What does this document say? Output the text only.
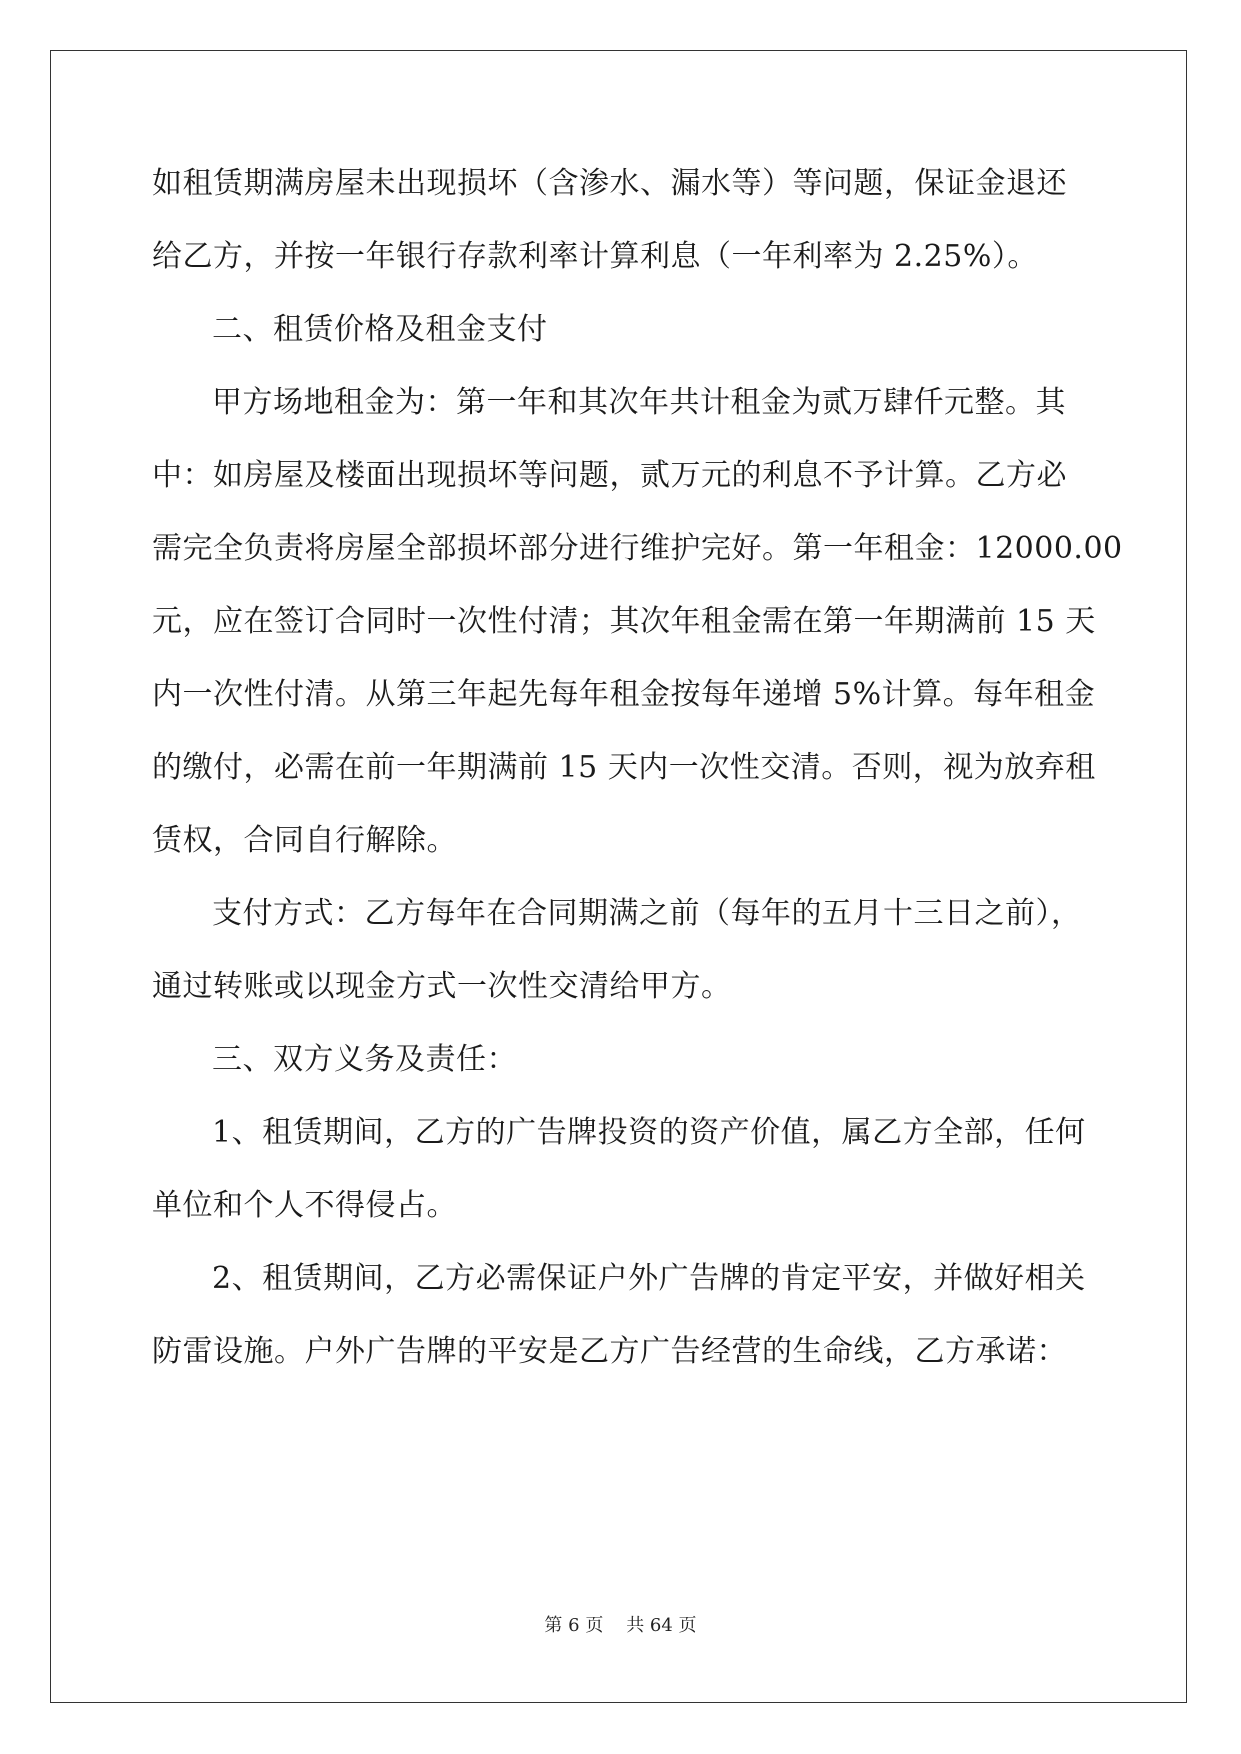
如租赁期满房屋未出现损坏（含渗水、漏水等）等问题，保证金退还
给乙方，并按一年银行存款利率计算利息（一年利率为 2.25%）。
二、租赁价格及租金支付
甲方场地租金为：第一年和其次年共计租金为贰万肆仟元整。其
中：如房屋及楼面出现损坏等问题，贰万元的利息不予计算。乙方必
需完全负责将房屋全部损坏部分进行维护完好。第一年租金：12000.00
元，应在签订合同时一次性付清；其次年租金需在第一年期满前 15 天
内一次性付清。从第三年起先每年租金按每年递增 5%计算。每年租金
的缴付，必需在前一年期满前 15 天内一次性交清。否则，视为放弃租
赁权，合同自行解除。
支付方式：乙方每年在合同期满之前（每年的五月十三日之前），
通过转账或以现金方式一次性交清给甲方。
三、双方义务及责任：
1、租赁期间，乙方的广告牌投资的资产价值，属乙方全部，任何
单位和个人不得侵占。
2、租赁期间，乙方必需保证户外广告牌的肯定平安，并做好相关
防雷设施。户外广告牌的平安是乙方广告经营的生命线，乙方承诺：
第 6 页    共 64 页
